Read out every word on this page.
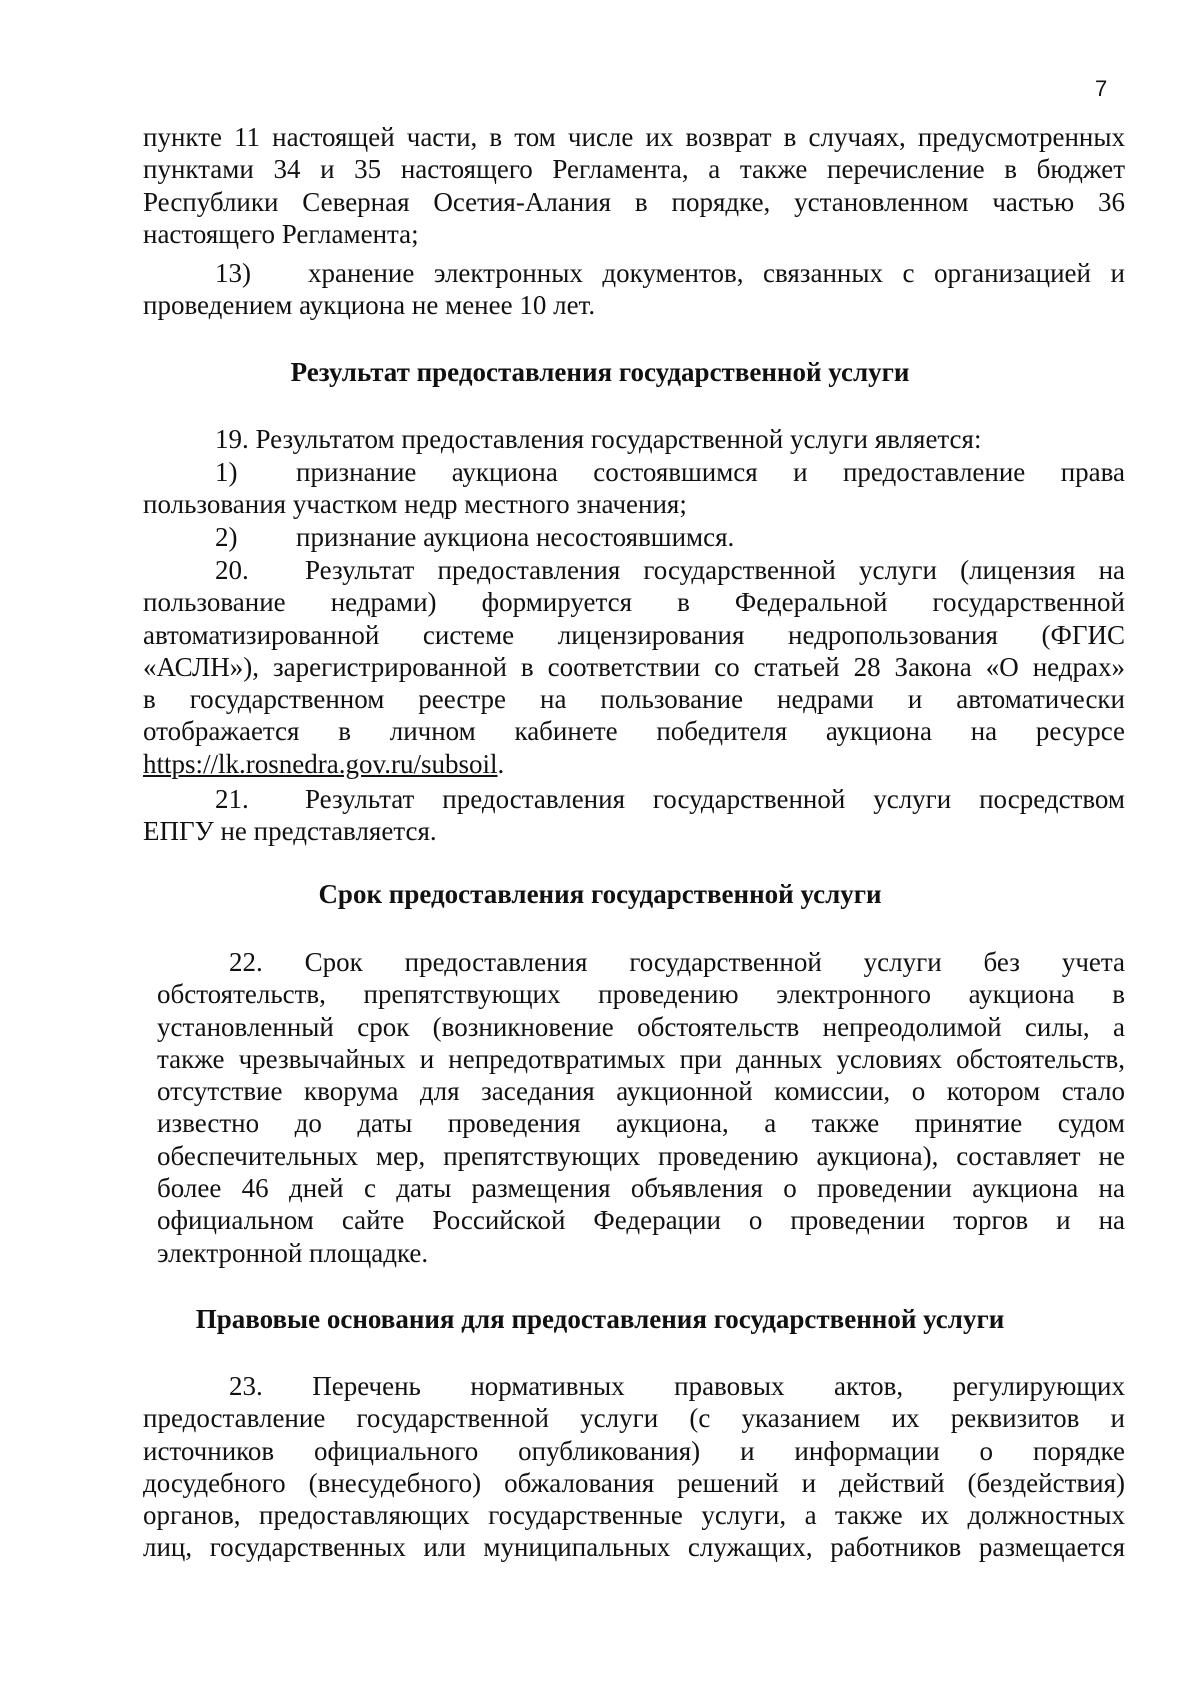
7
пункте 11 настоящей части, в том числе их возврат в случаях, предусмотренных
пунктами 34 и 35 настоящего Регламента, а также перечисление в бюджет
Республики Северная Осетия-Алания в порядке, установленном частью 36
настоящего Регламента;
13)	хранение электронных документов, связанных с организацией и
проведением аукциона не менее 10 лет.
Результат предоставления государственной услуги
19. Результатом предоставления государственной услуги является:
1)	признание аукциона состоявшимся и предоставление права
пользования участком недр местного значения;
2)	признание аукциона несостоявшимся.
20.	Результат предоставления государственной услуги (лицензия на
пользование недрами) формируется в Федеральной государственной
автоматизированной системе лицензирования недропользования (ФГИС
«АСЛН»), зарегистрированной в соответствии со статьей 28 Закона «О недрах»
в государственном реестре на пользование недрами и автоматически
отображается в личном кабинете победителя аукциона на ресурсе
https://lk.rosnedra.gov.ru/subsoil.
21.	Результат предоставления государственной услуги посредством
ЕПГУ не представляется.
Срок предоставления государственной услуги
22. Срок предоставления государственной услуги без учета
обстоятельств, препятствующих проведению электронного аукциона в
установленный срок (возникновение обстоятельств непреодолимой силы, а
также чрезвычайных и непредотвратимых при данных условиях обстоятельств,
отсутствие кворума для заседания аукционной комиссии, о котором стало
известно до даты проведения аукциона, а также принятие судом
обеспечительных мер, препятствующих проведению аукциона), составляет не
более 46 дней с даты размещения объявления о проведении аукциона на
официальном сайте Российской Федерации о проведении торгов и на
электронной площадке.
Правовые основания для предоставления государственной услуги
23. Перечень нормативных правовых актов, регулирующих
предоставление государственной услуги (с указанием их реквизитов и
источников официального опубликования) и информации о порядке
досудебного (внесудебного) обжалования решений и действий (бездействия)
органов, предоставляющих государственные услуги, а также их должностных
лиц, государственных или муниципальных служащих, работников размещается
